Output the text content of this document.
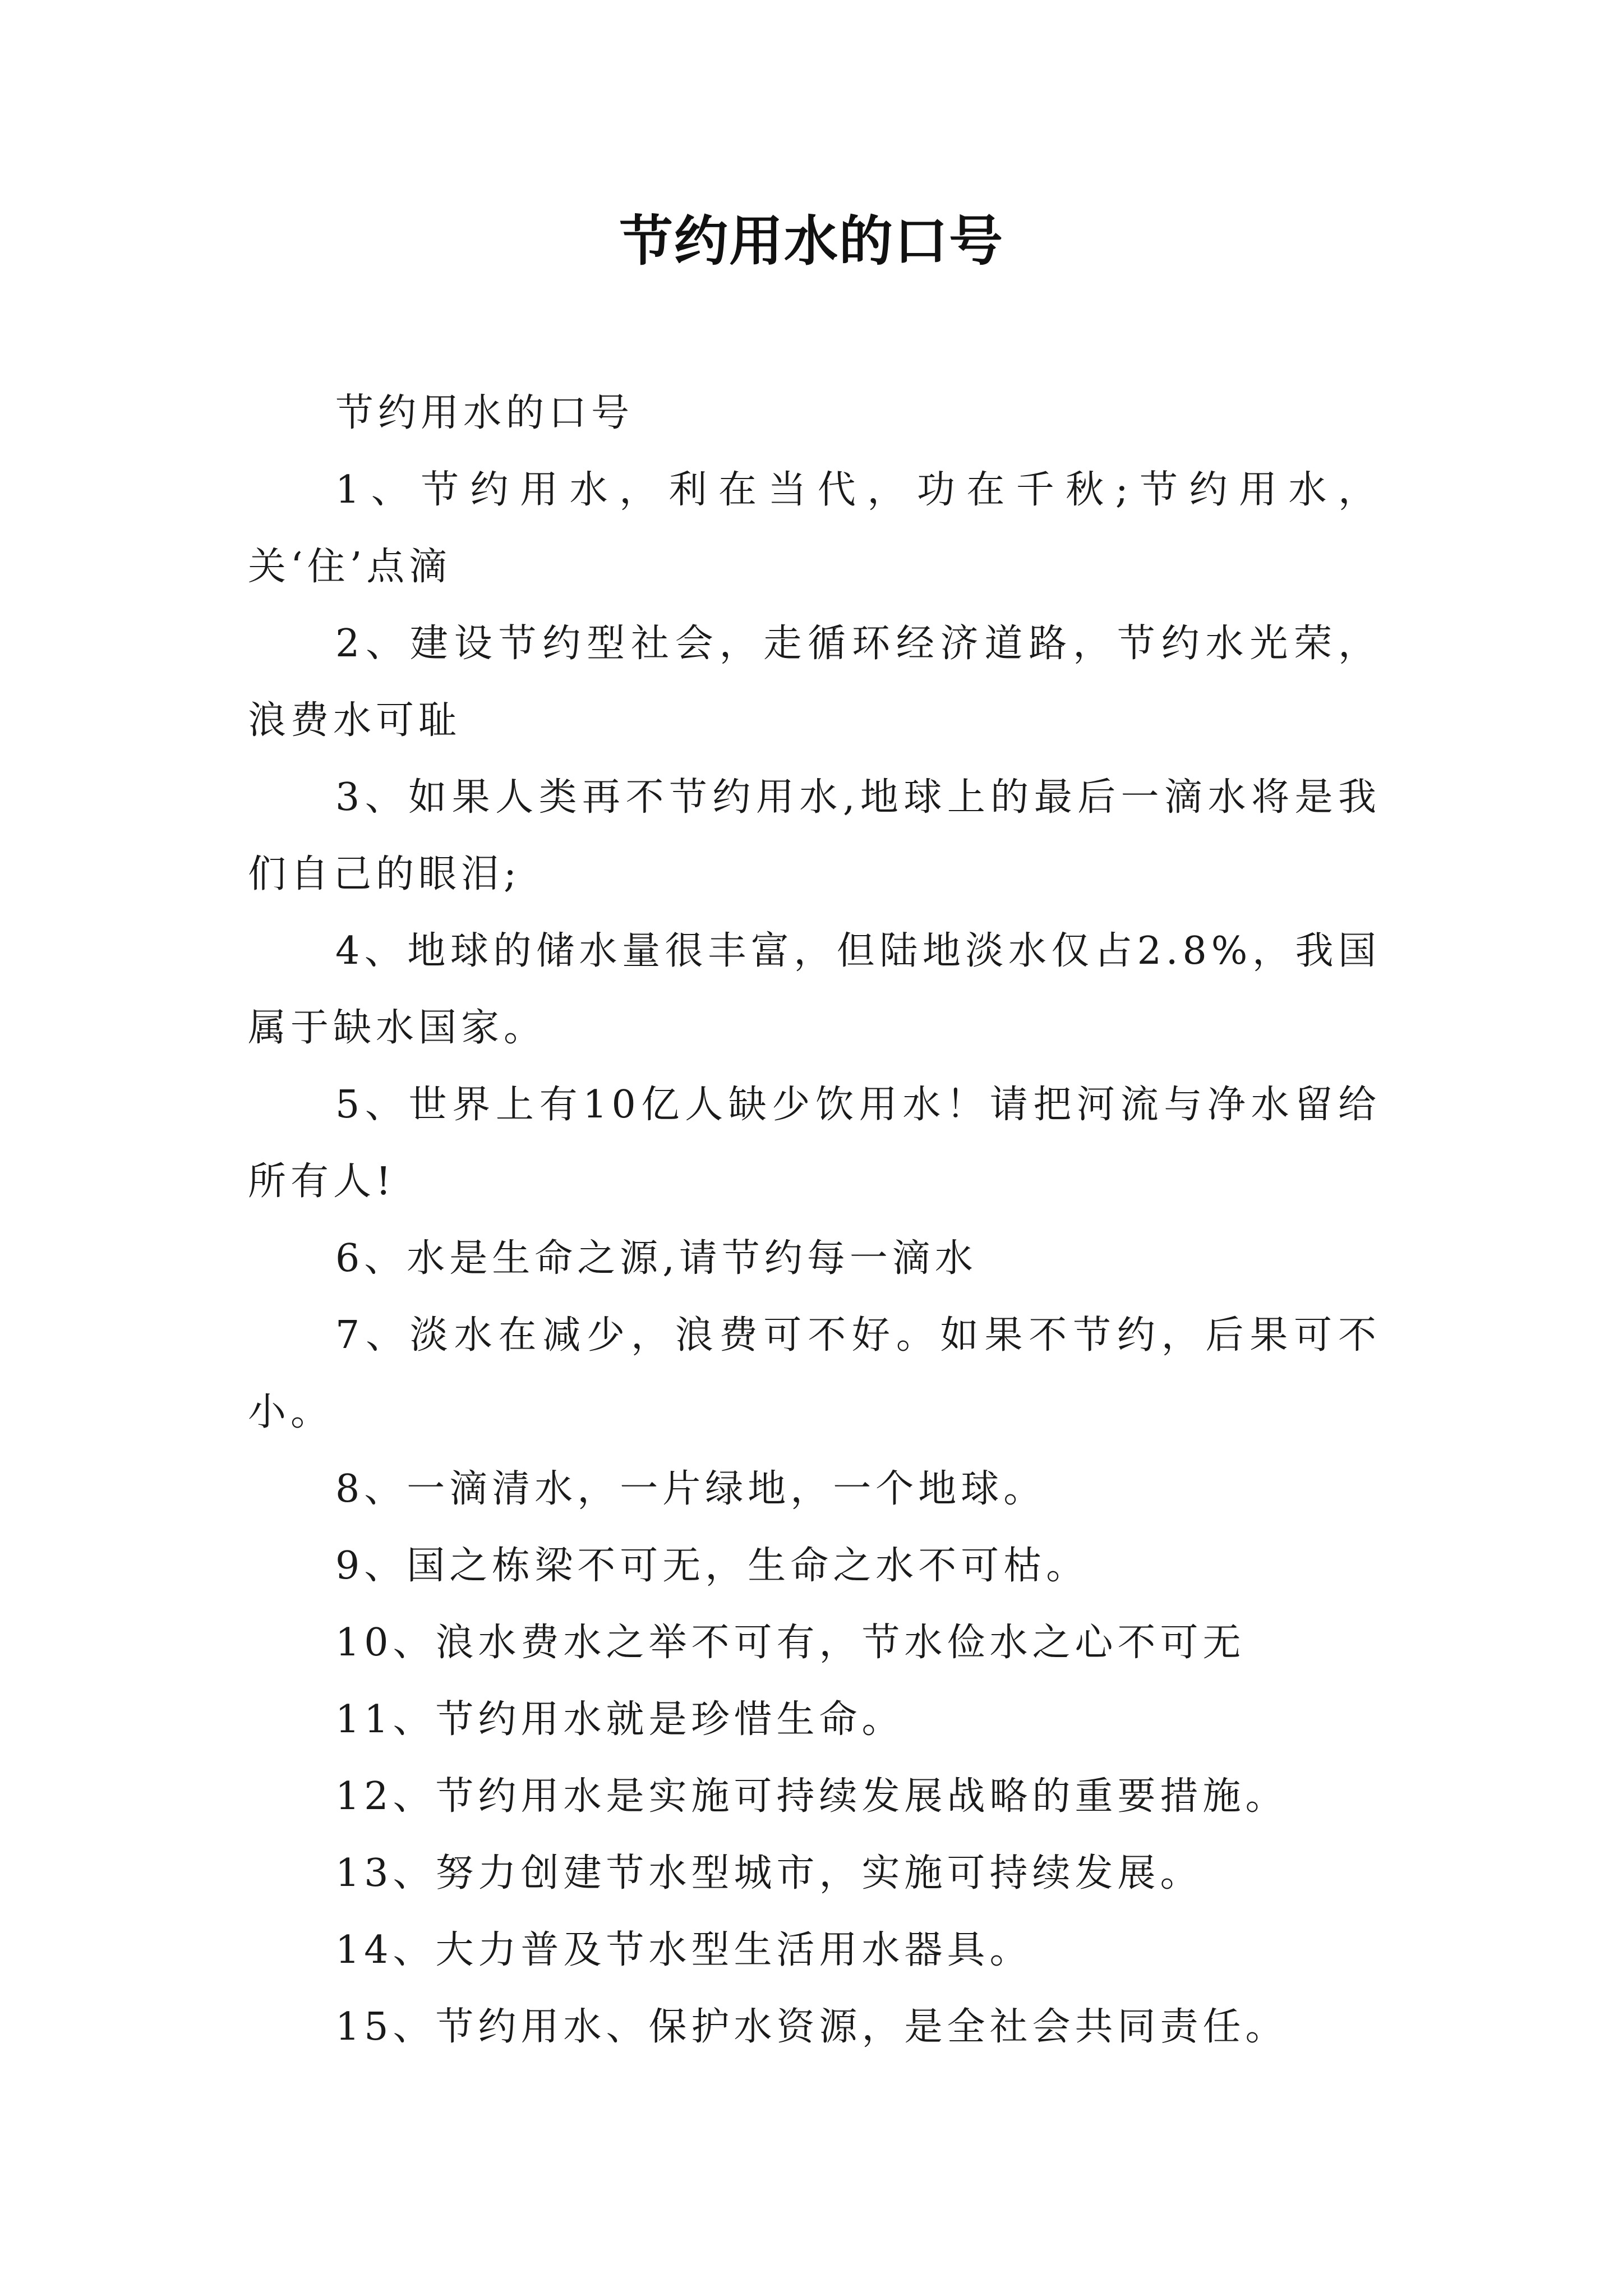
节约用水的口号

节约用水的口号

1、节约用水，利在当代，功在千秋;节约用水，关‘住’点滴

2、建设节约型社会，走循环经济道路，节约水光荣，浪费水可耻

3、如果人类再不节约用水,地球上的最后一滴水将是我们自己的眼泪;

4、地球的储水量很丰富，但陆地淡水仅占2.8%，我国属于缺水国家。

5、世界上有10亿人缺少饮用水！请把河流与净水留给所有人!

6、水是生命之源,请节约每一滴水

7、淡水在减少，浪费可不好。如果不节约，后果可不小。

8、一滴清水，一片绿地，一个地球。

9、国之栋梁不可无，生命之水不可枯。

10、浪水费水之举不可有，节水俭水之心不可无

11、节约用水就是珍惜生命。

12、节约用水是实施可持续发展战略的重要措施。

13、努力创建节水型城市，实施可持续发展。

14、大力普及节水型生活用水器具。

15、节约用水、保护水资源，是全社会共同责任。
